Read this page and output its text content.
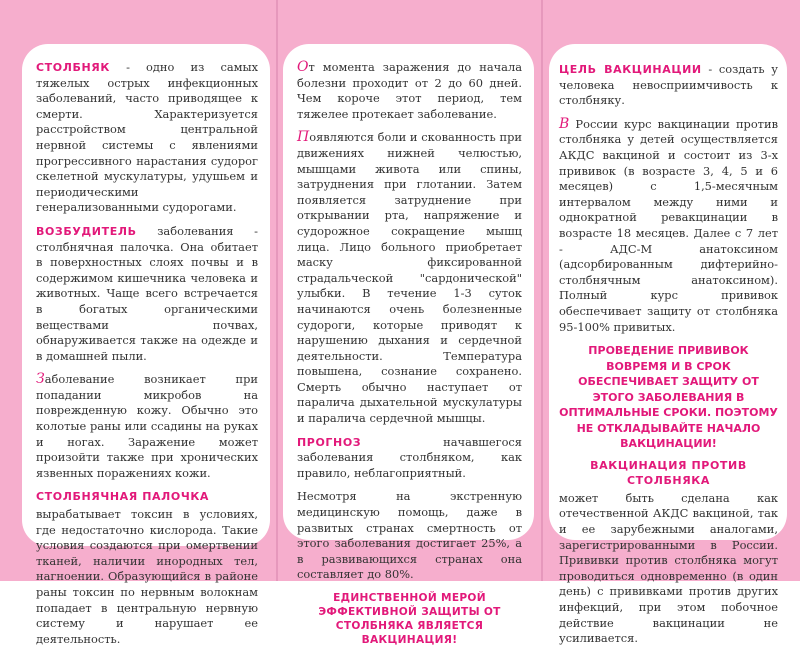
СТОЛБНЯК - одно из самых тяжелых острых инфекционных заболеваний, часто приводящее к смерти. Характеризуется расстройством центральной нервной системы с явлениями прогрессивного нарастания судорог скелетной мускулатуры, удушьем и периодическими генерализованными судорогами.

ВОЗБУДИТЕЛЬ заболевания - столбнячная палочка. Она обитает в поверхностных слоях почвы и в содержимом кишечника человека и животных. Чаще всего встречается в богатых органическими веществами почвах, обнаруживается также на одежде и в домашней пыли.

Заболевание возникает при попадании микробов на поврежденную кожу. Обычно это колотые раны или ссадины на руках и ногах. Заражение может произойти также при хронических язвенных поражениях кожи.

СТОЛБНЯЧНАЯ ПАЛОЧКА
вырабатывает токсин в условиях, где недостаточно кислорода. Такие условия создаются при омертвении тканей, наличии инородных тел, нагноении. Образующийся в районе раны токсин по нервным волокнам попадает в центральную нервную систему и нарушает ее деятельность.

От момента заражения до начала болезни проходит от 2 до 60 дней. Чем короче этот период, тем тяжелее протекает заболевание.

Появляются боли и скованность при движениях нижней челюстью, мышцами живота или спины, затруднения при глотании. Затем появляется затруднение при открывании рта, напряжение и судорожное сокращение мышц лица. Лицо больного приобретает маску фиксированной страдальческой "сардонической" улыбки. В течение 1-3 суток начинаются очень болезненные судороги, которые приводят к нарушению дыхания и сердечной деятельности. Температура повышена, сознание сохранено. Смерть обычно наступает от паралича дыхательной мускулатуры и паралича сердечной мышцы.

ПРОГНОЗ начавшегося заболевания столбняком, как правило, неблагоприятный.

Несмотря на экстренную медицинскую помощь, даже в развитых странах смертность от этого заболевания достигает 25%, а в развивающихся странах она составляет до 80%.

ЕДИНСТВЕННОЙ МЕРОЙ ЭФФЕКТИВНОЙ ЗАЩИТЫ ОТ СТОЛБНЯКА ЯВЛЯЕТСЯ ВАКЦИНАЦИЯ!

ЦЕЛЬ ВАКЦИНАЦИИ - создать у человека невосприимчивость к столбняку.

В России курс вакцинации против столбняка у детей осуществляется АКДС вакциной и состоит из 3-х прививок (в возрасте 3, 4, 5 и 6 месяцев) с 1,5-месячным интервалом между ними и однократной ревакцинации в возрасте 18 месяцев. Далее с 7 лет - АДС-М анатоксином (адсорбированным дифтерийно-столбнячным анатоксином). Полный курс прививок обеспечивает защиту от столбняка 95-100% привитых.

ПРОВЕДЕНИЕ ПРИВИВОК ВОВРЕМЯ И В СРОК ОБЕСПЕЧИВАЕТ ЗАЩИТУ ОТ ЭТОГО ЗАБОЛЕВАНИЯ В ОПТИМАЛЬНЫЕ СРОКИ. ПОЭТОМУ НЕ ОТКЛАДЫВАЙТЕ НАЧАЛО ВАКЦИНАЦИИ!

ВАКЦИНАЦИЯ ПРОТИВ СТОЛБНЯКА
может быть сделана как отечественной АКДС вакциной, так и ее зарубежными аналогами, зарегистрированными в России. Прививки против столбняка могут проводиться одновременно (в один день) с прививками против других инфекций, при этом побочное действие вакцинации не усиливается.
